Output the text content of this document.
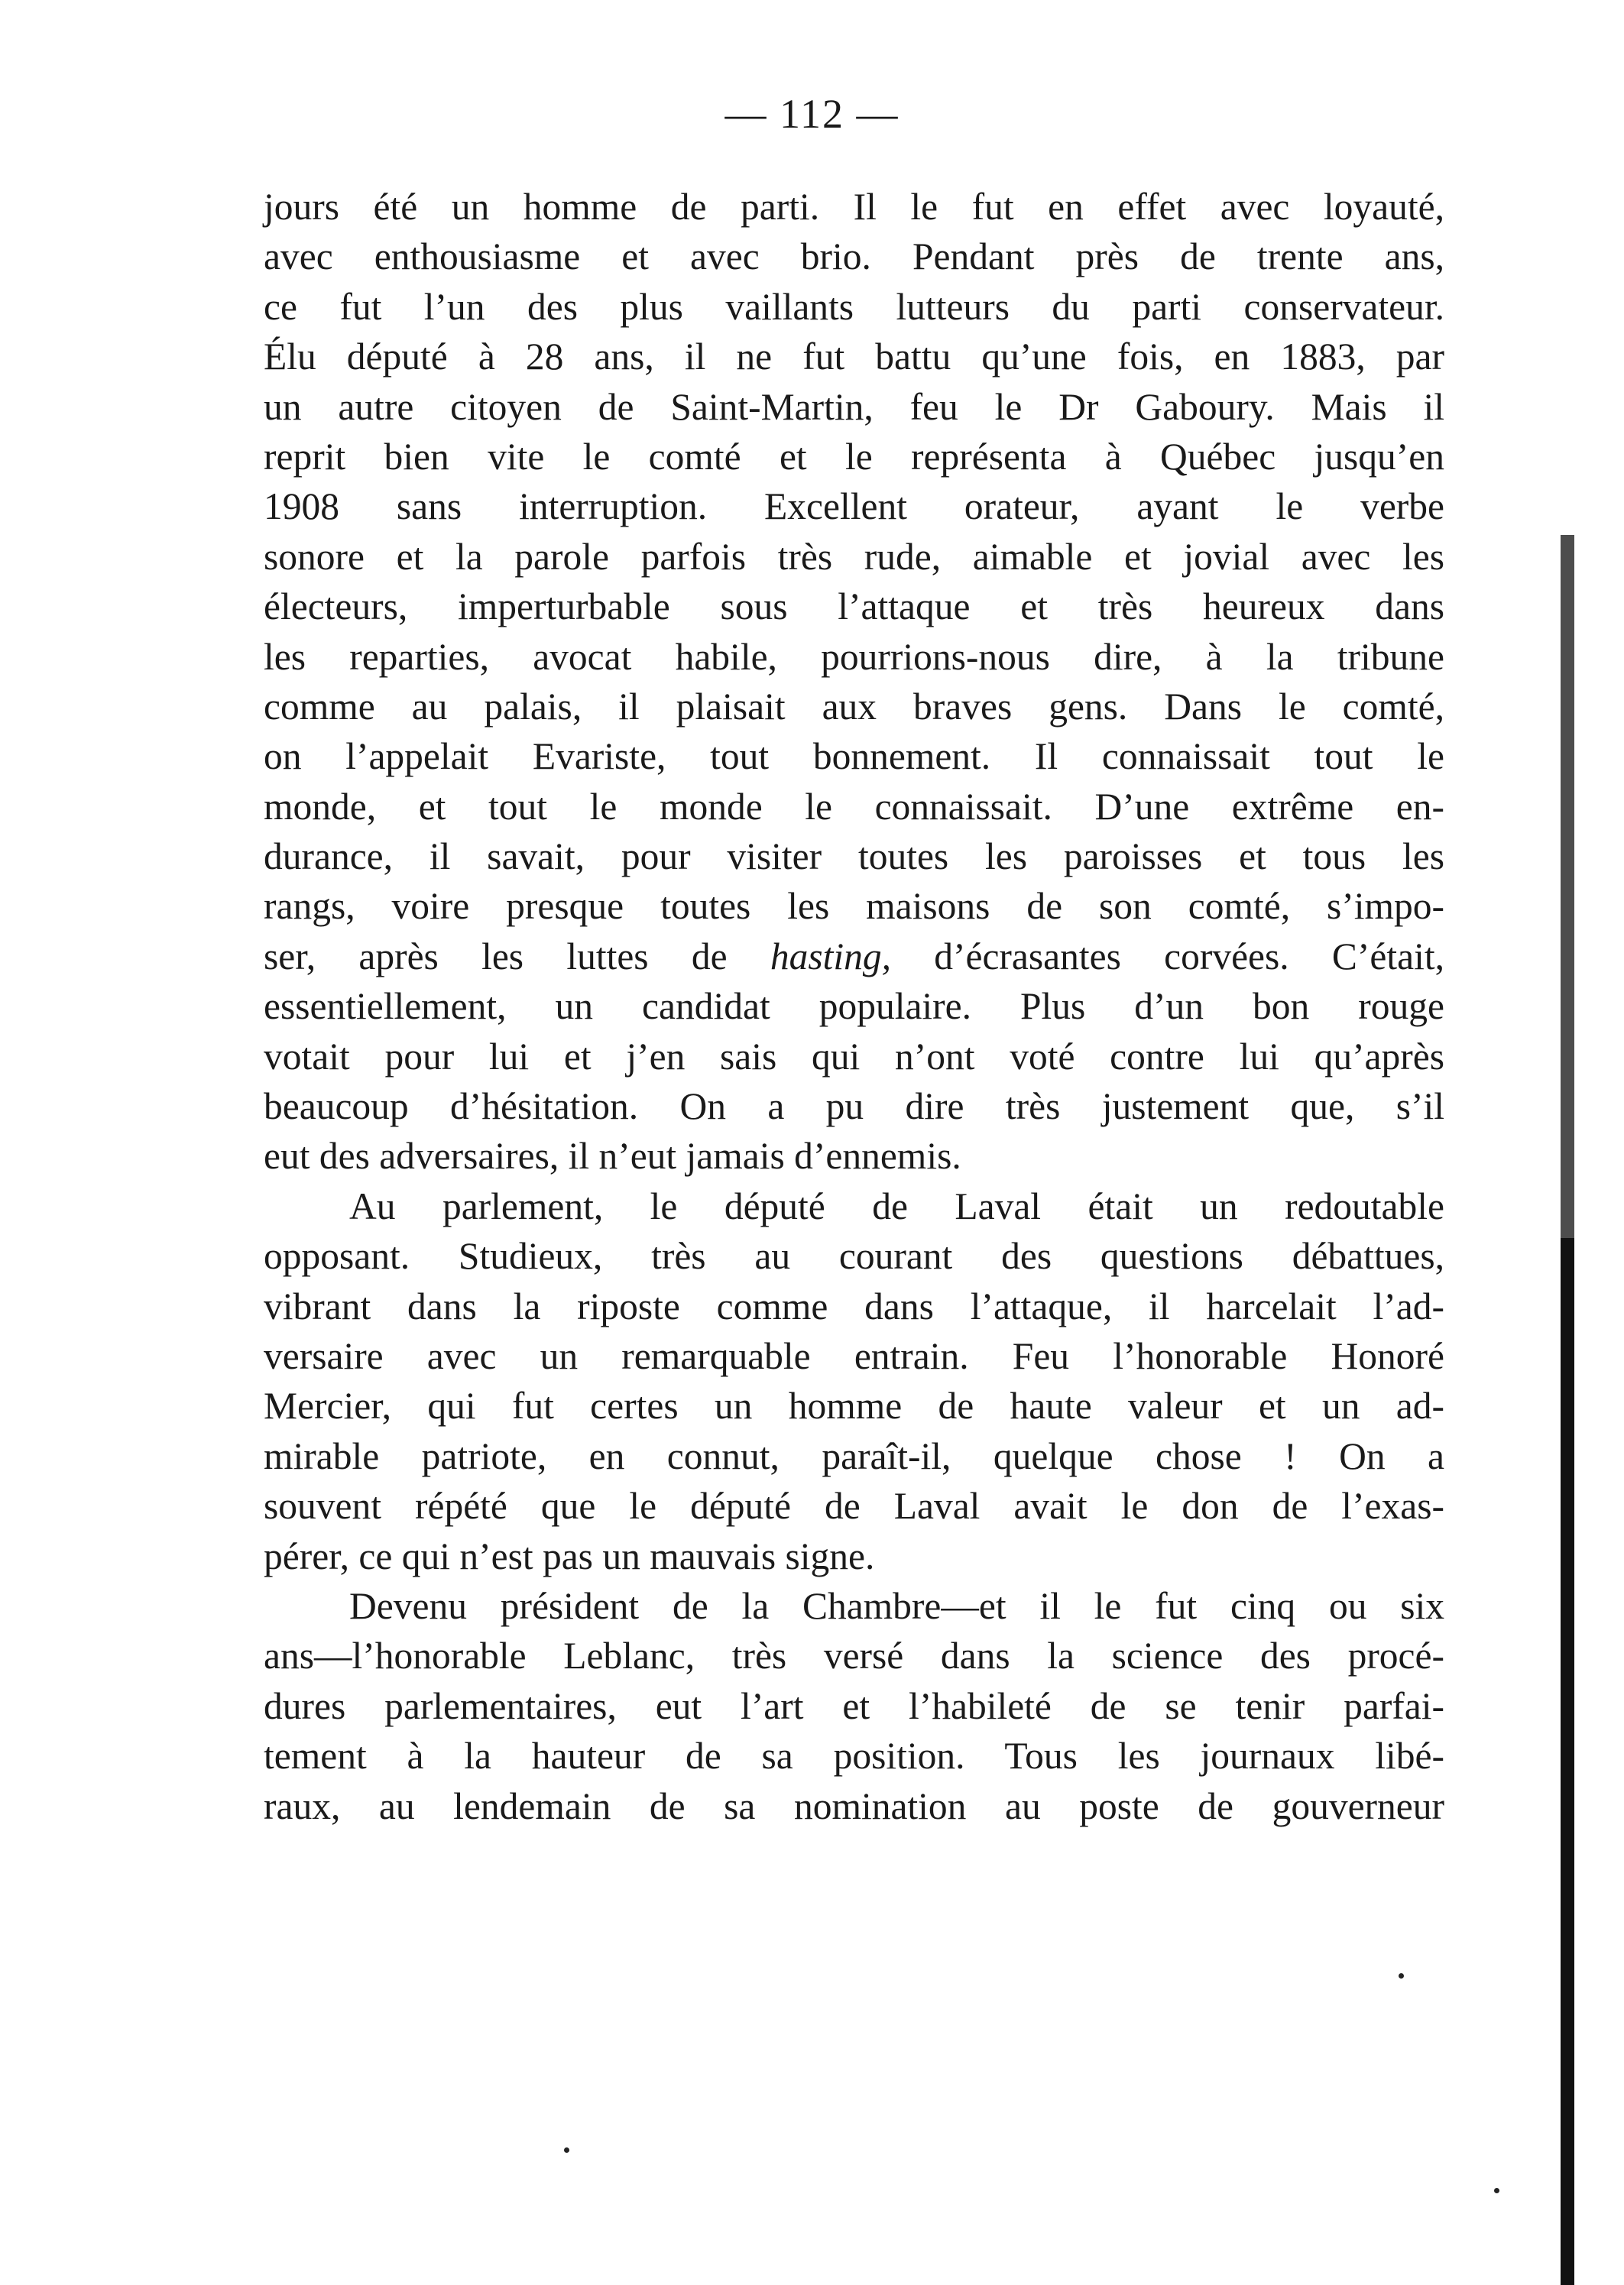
— 112 —
jours été un homme de parti. Il le fut en effet avec loyauté,
avec enthousiasme et avec brio. Pendant près de trente ans,
ce fut l’un des plus vaillants lutteurs du parti conservateur.
Élu député à 28 ans, il ne fut battu qu’une fois, en 1883, par
un autre citoyen de Saint-Martin, feu le Dr Gaboury. Mais il
reprit bien vite le comté et le représenta à Québec jusqu’en
1908 sans interruption. Excellent orateur, ayant le verbe
sonore et la parole parfois très rude, aimable et jovial avec les
électeurs, imperturbable sous l’attaque et très heureux dans
les reparties, avocat habile, pourrions-nous dire, à la tribune
comme au palais, il plaisait aux braves gens. Dans le comté,
on l’appelait Evariste, tout bonnement. Il connaissait tout le
monde, et tout le monde le connaissait. D’une extrême en-
durance, il savait, pour visiter toutes les paroisses et tous les
rangs, voire presque toutes les maisons de son comté, s’impo-
ser, après les luttes de hasting, d’écrasantes corvées. C’était,
essentiellement, un candidat populaire. Plus d’un bon rouge
votait pour lui et j’en sais qui n’ont voté contre lui qu’après
beaucoup d’hésitation. On a pu dire très justement que, s’il
eut des adversaires, il n’eut jamais d’ennemis.
Au parlement, le député de Laval était un redoutable
opposant. Studieux, très au courant des questions débattues,
vibrant dans la riposte comme dans l’attaque, il harcelait l’ad-
versaire avec un remarquable entrain. Feu l’honorable Honoré
Mercier, qui fut certes un homme de haute valeur et un ad-
mirable patriote, en connut, paraît-il, quelque chose ! On a
souvent répété que le député de Laval avait le don de l’exas-
pérer, ce qui n’est pas un mauvais signe.
Devenu président de la Chambre—et il le fut cinq ou six
ans—l’honorable Leblanc, très versé dans la science des procé-
dures parlementaires, eut l’art et l’habileté de se tenir parfai-
tement à la hauteur de sa position. Tous les journaux libé-
raux, au lendemain de sa nomination au poste de gouverneur
